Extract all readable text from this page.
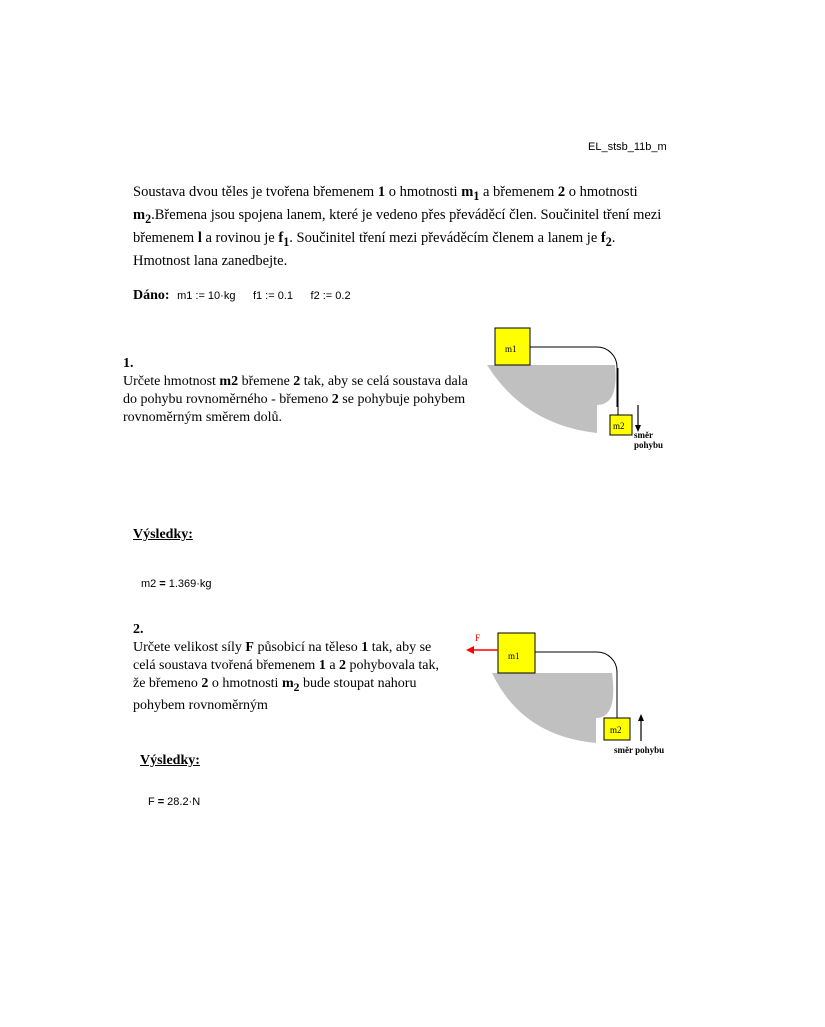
EL_stsb_11b_m
Soustava dvou těles je tvořena břemenem 1 o hmotnosti $m_1$ a břemenem 2 o hmotnosti
$m_2.Břemena$ jsou spojena lanem, které je vedeno přes převáděcí člen. Součinitel tření mezi
břemenem l a rovinou je $f_1$. Součinitel tření mezi převáděcím členem a lanem je $f_2$.
Hmotnost lana zanedbejte.
Dáno: m1 := 10·kg f1 := 0.1 f2 := 0.2
1.
Určete hmotnost m2 břemene 2 tak, aby se celá soustava dala do pohybu rovnoměrného - břemeno 2 se pohybuje pohybem rovnoměrným směrem dolů.
m1
m2
směr
pohybu
Výsledky:
m2 = 1.369·kg
2.
Určete velikost síly F působicí na těleso 1 tak, aby se celá soustava tvořená břemenem 1 a 2 pohybovala tak, že břemeno 2 o hmotnosti $m_2$ bude stoupat nahoru pohybem rovnoměrným
m1
F
m2
směr pohybu
Výsledky:
F = 28.2·N
